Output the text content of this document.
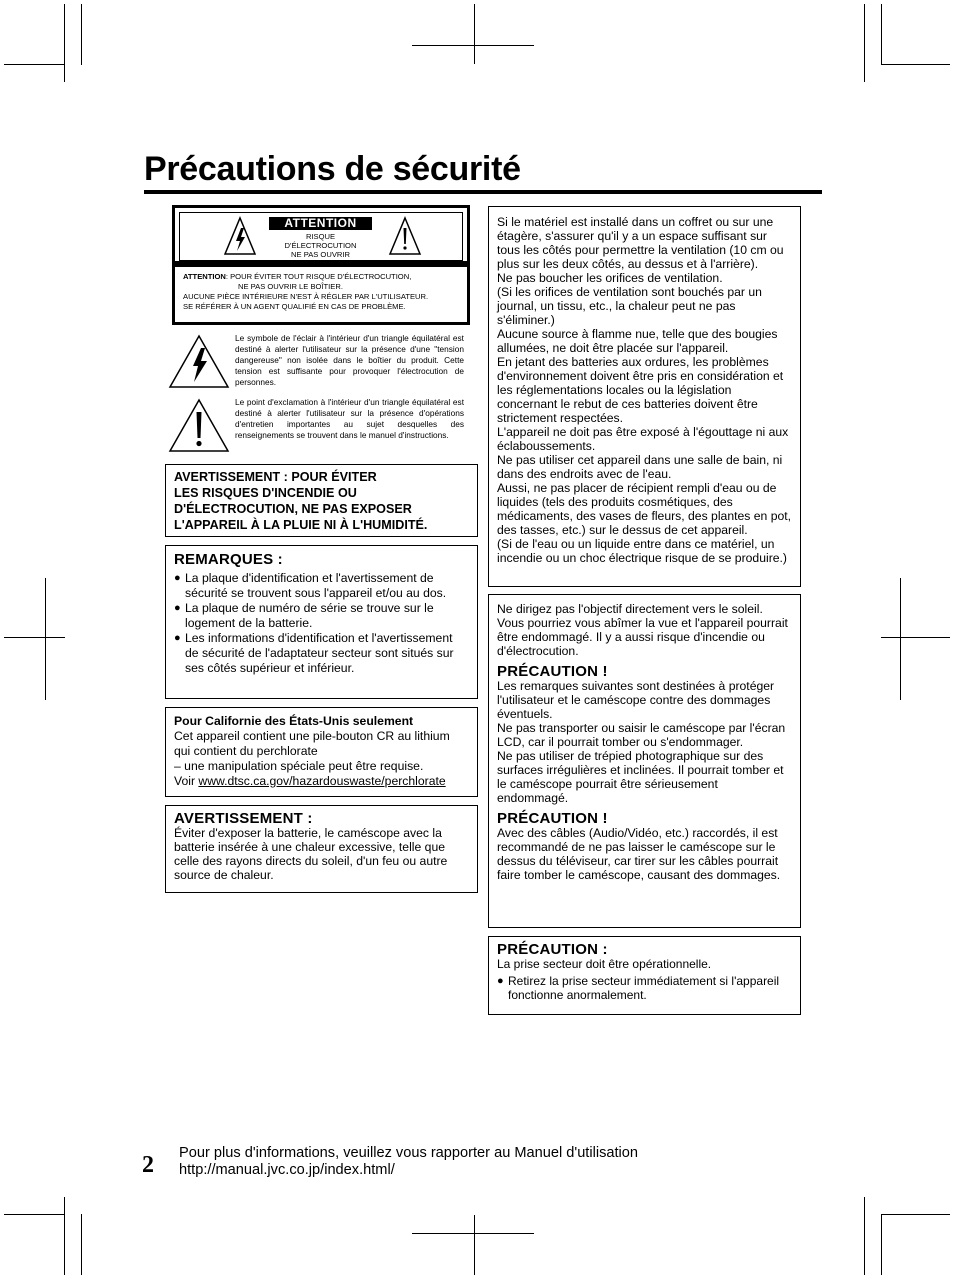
Précautions de sécurité
ATTENTION
RISQUE D'ÉLECTROCUTION
NE PAS OUVRIR
ATTENTION: POUR ÉVITER TOUT RISQUE D'ÉLECTROCUTION,
NE PAS OUVRIR LE BOÎTIER.
AUCUNE PIÈCE INTÉRIEURE N'EST À RÉGLER PAR L'UTILISATEUR.
SE RÉFÉRER À UN AGENT QUALIFIÉ EN CAS DE PROBLÈME.
Le symbole de l'éclair à l'intérieur d'un triangle équilatéral est destiné à alerter l'utilisateur sur la présence d'une "tension dangereuse" non isolée dans le boîtier du produit. Cette tension est suffisante pour provoquer l'électrocution de personnes.
Le point d'exclamation à l'intérieur d'un triangle équilatéral est destiné à alerter l'utilisateur sur la présence d'opérations d'entretien importantes au sujet desquelles des renseignements se trouvent dans le manuel d'instructions.
AVERTISSEMENT : POUR ÉVITER
LES RISQUES D'INCENDIE OU
D'ÉLECTROCUTION, NE PAS EXPOSER
L'APPAREIL À LA PLUIE NI À L'HUMIDITÉ.
REMARQUES :
● La plaque d'identification et l'avertissement de sécurité se trouvent sous l'appareil et/ou au dos.
● La plaque de numéro de série se trouve sur le logement de la batterie.
● Les informations d'identification et l'avertissement de sécurité de l'adaptateur secteur sont situés sur ses côtés supérieur et inférieur.
Pour Californie des États-Unis seulement
Cet appareil contient une pile-bouton CR au lithium
qui contient du perchlorate
– une manipulation spéciale peut être requise.
Voir www.dtsc.ca.gov/hazardouswaste/perchlorate
AVERTISSEMENT :
Éviter d'exposer la batterie, le caméscope avec la batterie insérée à une chaleur excessive, telle que celle des rayons directs du soleil, d'un feu ou autre source de chaleur.
Si le matériel est installé dans un coffret ou sur une étagère, s'assurer qu'il y a un espace suffisant sur tous les côtés pour permettre la ventilation (10 cm ou plus sur les deux côtés, au dessus et à l'arrière).
Ne pas boucher les orifices de ventilation.
(Si les orifices de ventilation sont bouchés par un journal, un tissu, etc., la chaleur peut ne pas s'éliminer.)
Aucune source à flamme nue, telle que des bougies allumées, ne doit être placée sur l'appareil.
En jetant des batteries aux ordures, les problèmes d'environnement doivent être pris en considération et les réglementations locales ou la législation concernant le rebut de ces batteries doivent être strictement respectées.
L'appareil ne doit pas être exposé à l'égouttage ni aux éclaboussements.
Ne pas utiliser cet appareil dans une salle de bain, ni dans des endroits avec de l'eau.
Aussi, ne pas placer de récipient rempli d'eau ou de liquides (tels des produits cosmétiques, des médicaments, des vases de fleurs, des plantes en pot, des tasses, etc.) sur le dessus de cet appareil.
(Si de l'eau ou un liquide entre dans ce matériel, un incendie ou un choc électrique risque de se produire.)
Ne dirigez pas l'objectif directement vers le soleil. Vous pourriez vous abîmer la vue et l'appareil pourrait être endommagé. Il y a aussi risque d'incendie ou d'électrocution.
PRÉCAUTION !
Les remarques suivantes sont destinées à protéger l'utilisateur et le caméscope contre des dommages éventuels.
Ne pas transporter ou saisir le caméscope par l'écran LCD, car il pourrait tomber ou s'endommager.
Ne pas utiliser de trépied photographique sur des surfaces irrégulières et inclinées. Il pourrait tomber et le caméscope pourrait être sérieusement endommagé.
PRÉCAUTION !
Avec des câbles (Audio/Vidéo, etc.) raccordés, il est recommandé de ne pas laisser le caméscope sur le dessus du téléviseur, car tirer sur les câbles pourrait faire tomber le caméscope, causant des dommages.
PRÉCAUTION :
La prise secteur doit être opérationnelle.
● Retirez la prise secteur immédiatement si l'appareil fonctionne anormalement.
2 Pour plus d'informations, veuillez vous rapporter au Manuel d'utilisation
http://manual.jvc.co.jp/index.html/
